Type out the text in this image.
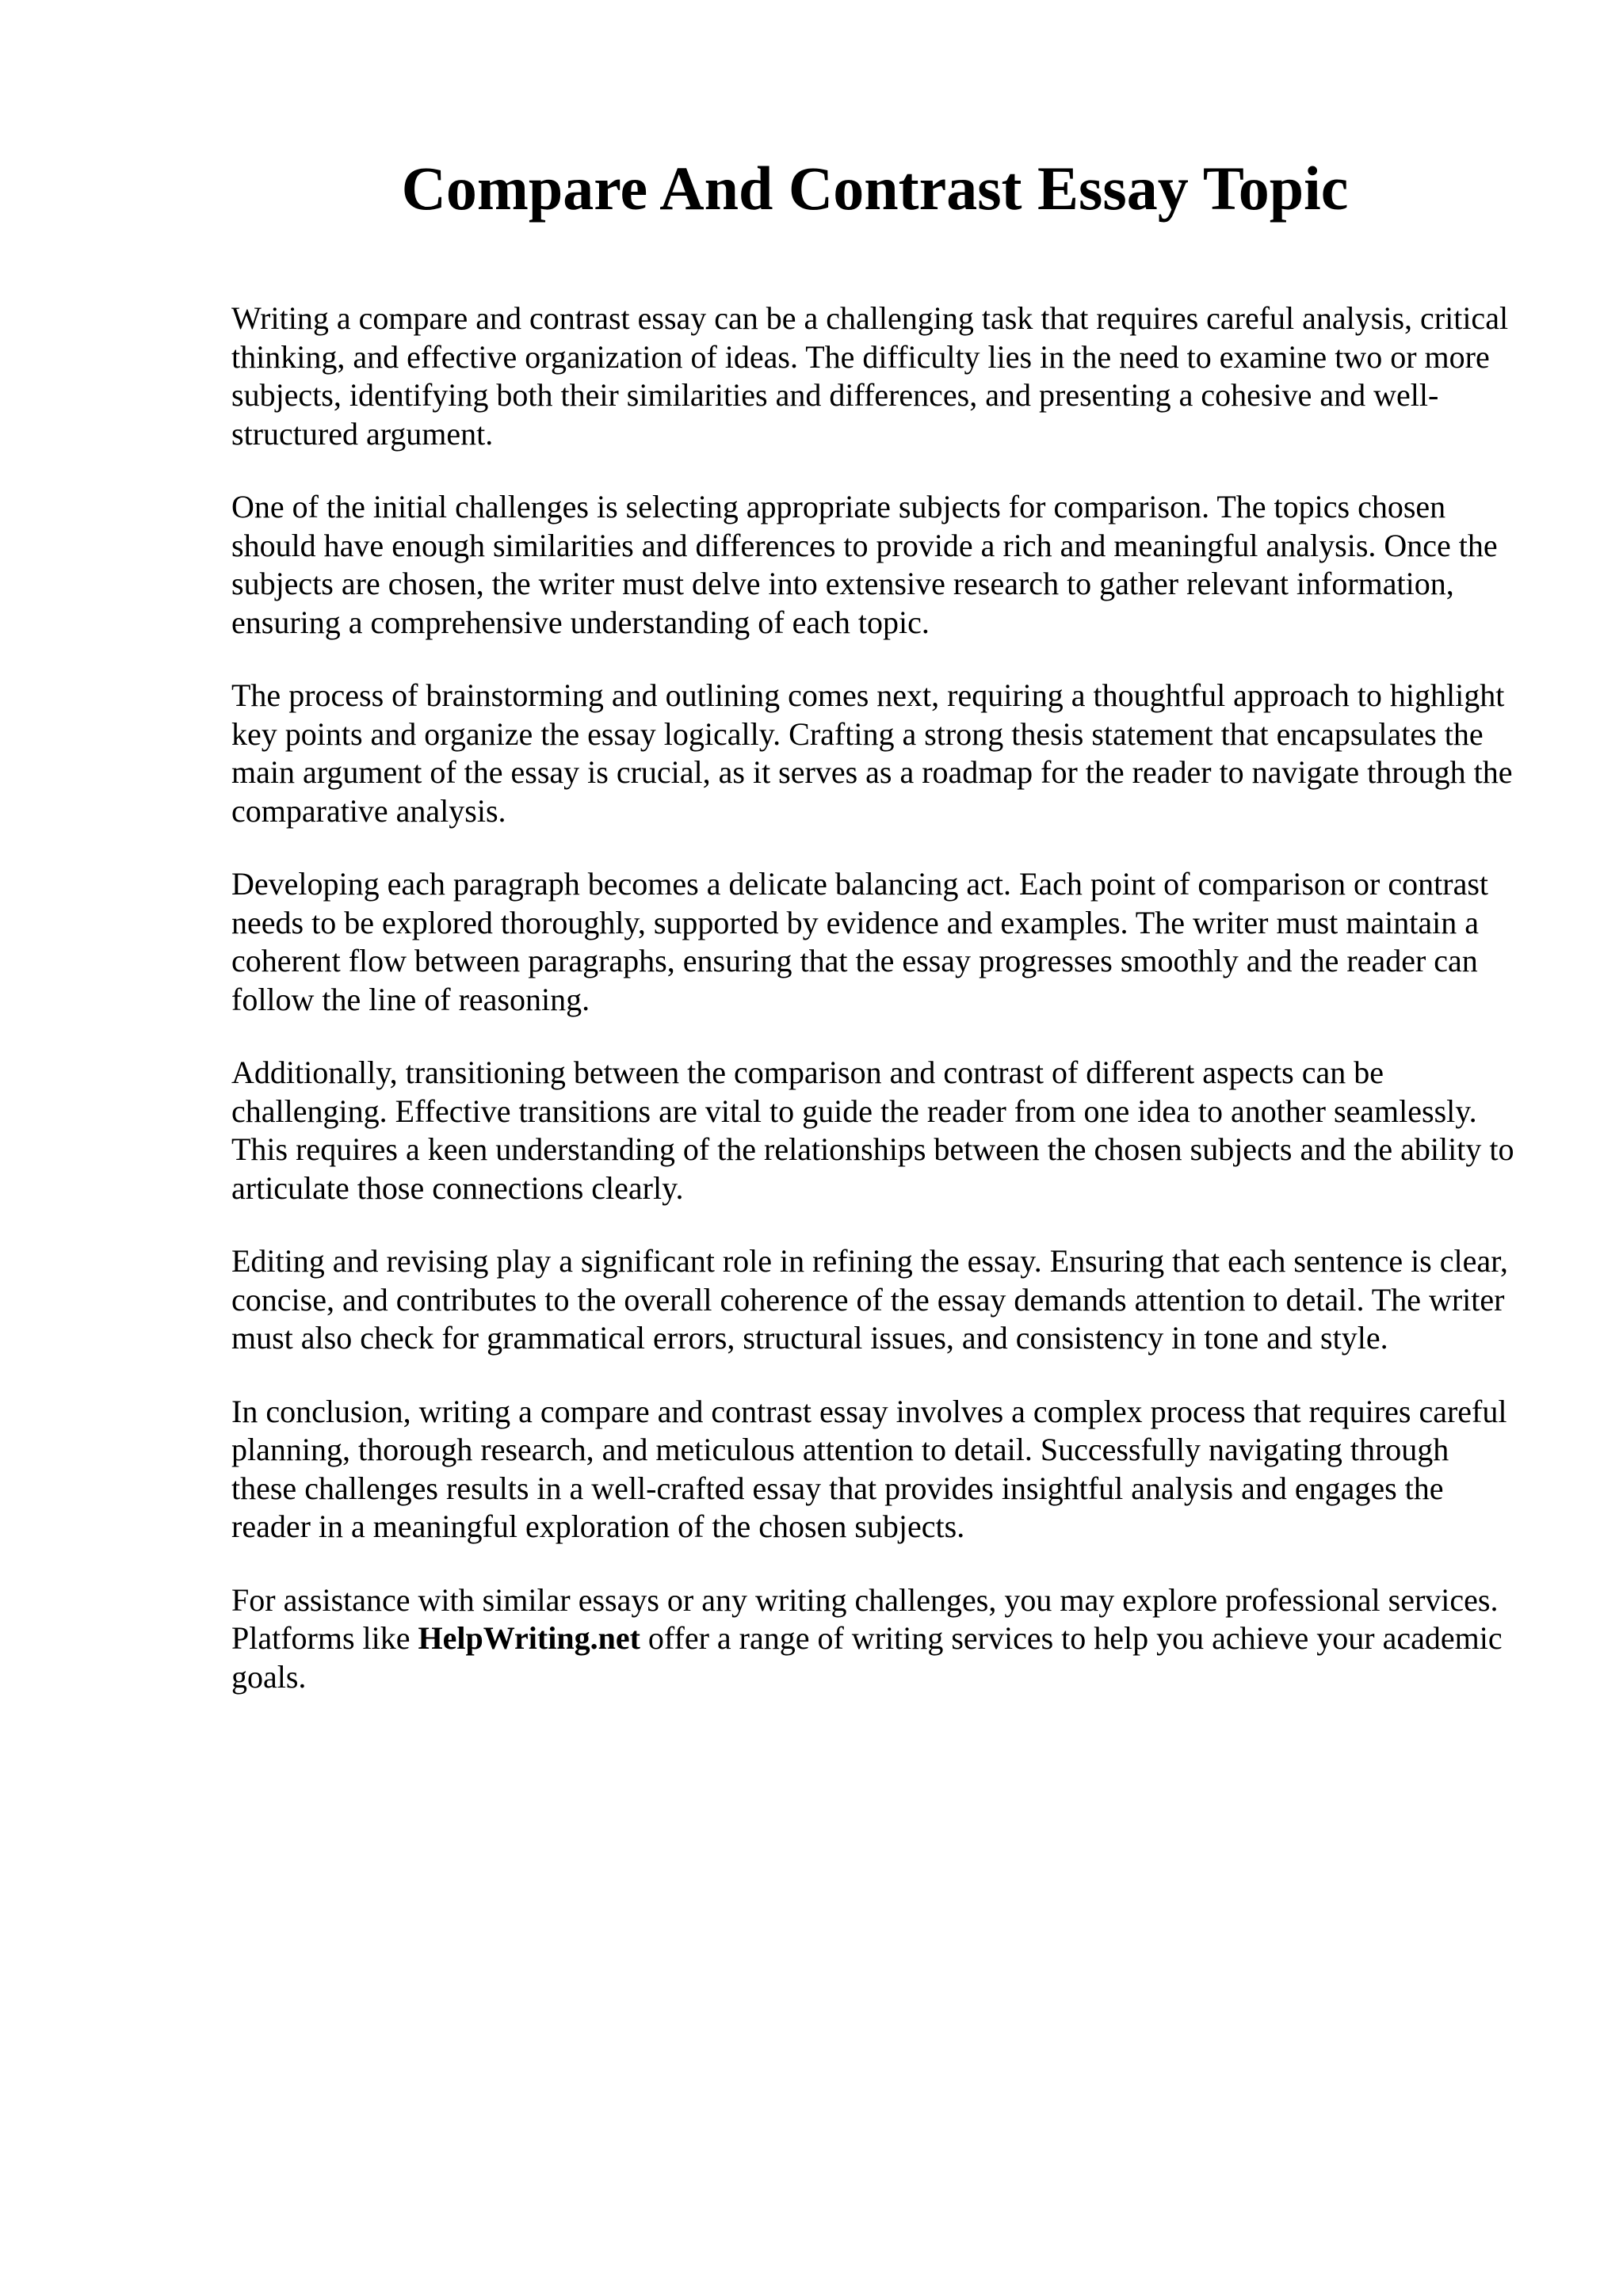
Compare And Contrast Essay Topic

Writing a compare and contrast essay can be a challenging task that requires careful analysis, critical thinking, and effective organization of ideas. The difficulty lies in the need to examine two or more subjects, identifying both their similarities and differences, and presenting a cohesive and well-structured argument.

One of the initial challenges is selecting appropriate subjects for comparison. The topics chosen should have enough similarities and differences to provide a rich and meaningful analysis. Once the subjects are chosen, the writer must delve into extensive research to gather relevant information, ensuring a comprehensive understanding of each topic.

The process of brainstorming and outlining comes next, requiring a thoughtful approach to highlight key points and organize the essay logically. Crafting a strong thesis statement that encapsulates the main argument of the essay is crucial, as it serves as a roadmap for the reader to navigate through the comparative analysis.

Developing each paragraph becomes a delicate balancing act. Each point of comparison or contrast needs to be explored thoroughly, supported by evidence and examples. The writer must maintain a coherent flow between paragraphs, ensuring that the essay progresses smoothly and the reader can follow the line of reasoning.

Additionally, transitioning between the comparison and contrast of different aspects can be challenging. Effective transitions are vital to guide the reader from one idea to another seamlessly. This requires a keen understanding of the relationships between the chosen subjects and the ability to articulate those connections clearly.

Editing and revising play a significant role in refining the essay. Ensuring that each sentence is clear, concise, and contributes to the overall coherence of the essay demands attention to detail. The writer must also check for grammatical errors, structural issues, and consistency in tone and style.

In conclusion, writing a compare and contrast essay involves a complex process that requires careful planning, thorough research, and meticulous attention to detail. Successfully navigating through these challenges results in a well-crafted essay that provides insightful analysis and engages the reader in a meaningful exploration of the chosen subjects.

For assistance with similar essays or any writing challenges, you may explore professional services. Platforms like HelpWriting.net offer a range of writing services to help you achieve your academic goals.
